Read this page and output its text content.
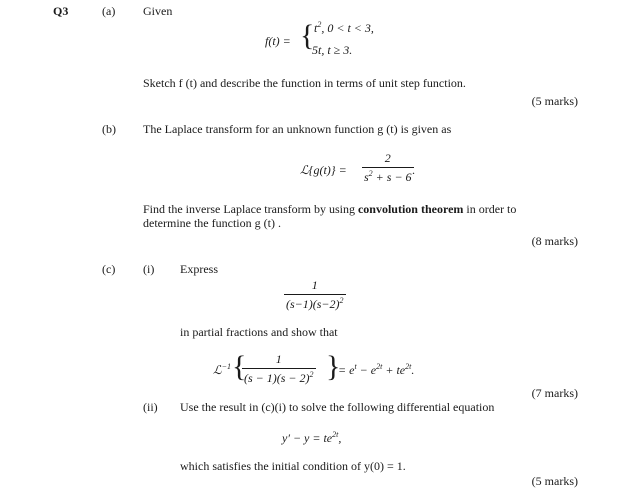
Q3	(a) Given
f(t) = { $t^2$, 0 < t < 3,
5t, t ≥ 3.
Sketch f (t) and describe the function in terms of unit step function.
(5 marks)
(b) The Laplace transform for an unknown function g (t) is given as
ℒ{g(t)} = $\frac{2}{s^2 + s - 6}$
.
Find the inverse Laplace transform by using convolution theorem in order to
determine the function g (t) .
(8 marks)
(c) (i) Express
$\frac{1}{(s-1)(s-2)^2}$
in partial fractions and show that
ℒ$^{-1}$ {
$\frac{1}{(s - 1)(s - 2)^2}$ }
= $e^t - e^{2t} + te^{2t}$.
(7 marks)
(ii) Use the result in (c)(i) to solve the following differential equation
$y' - y = te^{2t}$,
which satisfies the initial condition of y(0) = 1.
(5 marks)
